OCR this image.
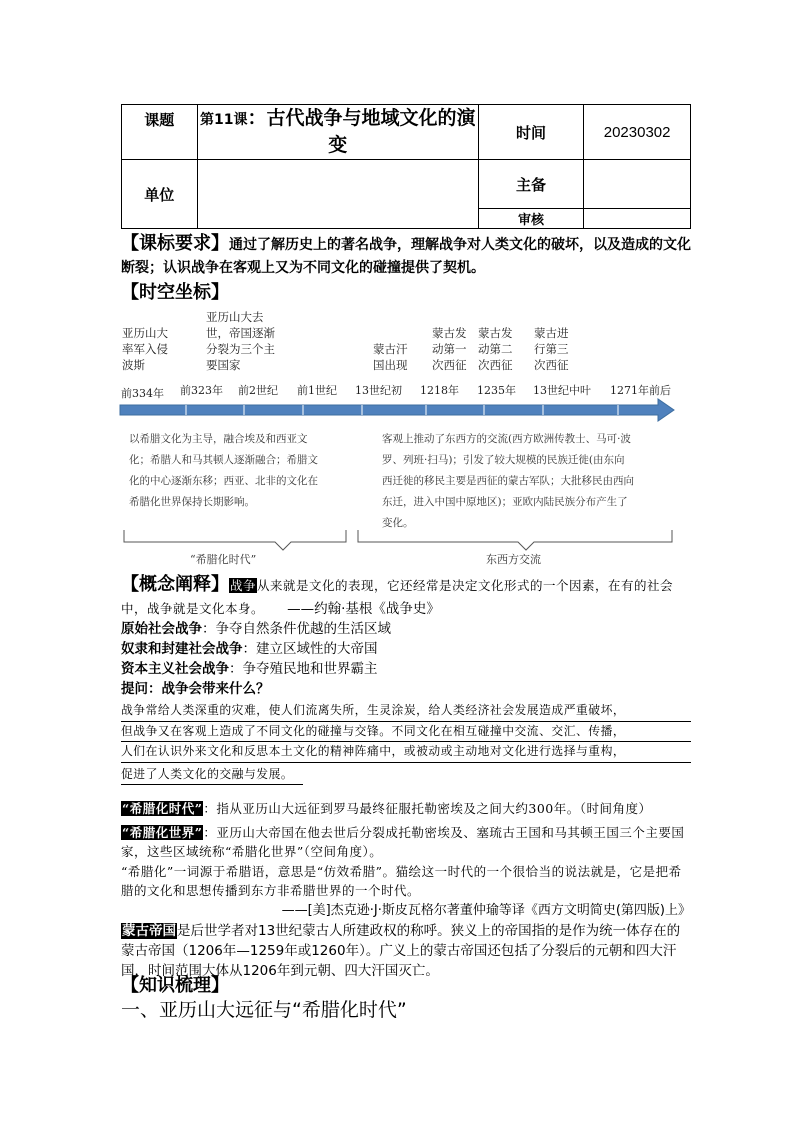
课题	第11课：古代战争与地域文化的演变	时间	20230302
单位		主备	
		审核	
【课标要求】通过了解历史上的著名战争，理解战争对人类文化的破坏，以及造成的文化断裂；认识战争在客观上又为不同文化的碰撞提供了契机。
【时空坐标】
亚历山大率军入侵波斯
亚历山大去世，帝国逐渐分裂为三个主要国家
蒙古汗国出现
蒙古发动第一次西征
蒙古发动第二次西征
蒙古进行第三次西征
前334年 前323年 前2世纪 前1世纪 13世纪初 1218年 1235年 13世纪中叶 1271年前后
以希腊文化为主导，融合埃及和西亚文化；希腊人和马其顿人逐渐融合；希腊文化的中心逐渐东移；西亚、北非的文化在希腊化世界保持长期影响。
客观上推动了东西方的交流(西方欧洲传教士、马可·波罗、列班·扫马)；引发了较大规模的民族迁徙(由东向西迁徙的移民主要是西征的蒙古军队；大批移民由西向东迁，进入中国中原地区)；亚欧内陆民族分布产生了变化。
“希腊化时代”	东西方交流
【概念阐释】战争从来就是文化的表现，它还经常是决定文化形式的一个因素，在有的社会中，战争就是文化本身。 ——约翰·基根《战争史》
原始社会战争：争夺自然条件优越的生活区域
奴隶和封建社会战争：建立区域性的大帝国
资本主义社会战争：争夺殖民地和世界霸主
提问：战争会带来什么？
战争常给人类深重的灾难，使人们流离失所，生灵涂炭，给人类经济社会发展造成严重破坏，
但战争又在客观上造成了不同文化的碰撞与交锋。不同文化在相互碰撞中交流、交汇、传播，
人们在认识外来文化和反思本土文化的精神阵痛中，或被动或主动地对文化进行选择与重构，
促进了人类文化的交融与发展。
“希腊化时代”：指从亚历山大远征到罗马最终征服托勒密埃及之间大约300年。（时间角度）
“希腊化世界”：亚历山大帝国在他去世后分裂成托勒密埃及、塞琉古王国和马其顿王国三个主要国家，这些区域统称“希腊化世界”（空间角度）。
“希腊化”一词源于希腊语，意思是“仿效希腊”。猫绘这一时代的一个很恰当的说法就是，它是把希腊的文化和思想传播到东方非希腊世界的一个时代。
——[美]杰克逊·J·斯皮瓦格尔著董仲瑜等译《西方文明简史(第四版)上》
蒙古帝国是后世学者对13世纪蒙古人所建政权的称呼。狭义上的帝国指的是作为统一体存在的蒙古帝国（1206年—1259年或1260年）。广义上的蒙古帝国还包括了分裂后的元朝和四大汗国，时间范围大体从1206年到元朝、四大汗国灭亡。
【知识梳理】
一、亚历山大远征与“希腊化时代”
